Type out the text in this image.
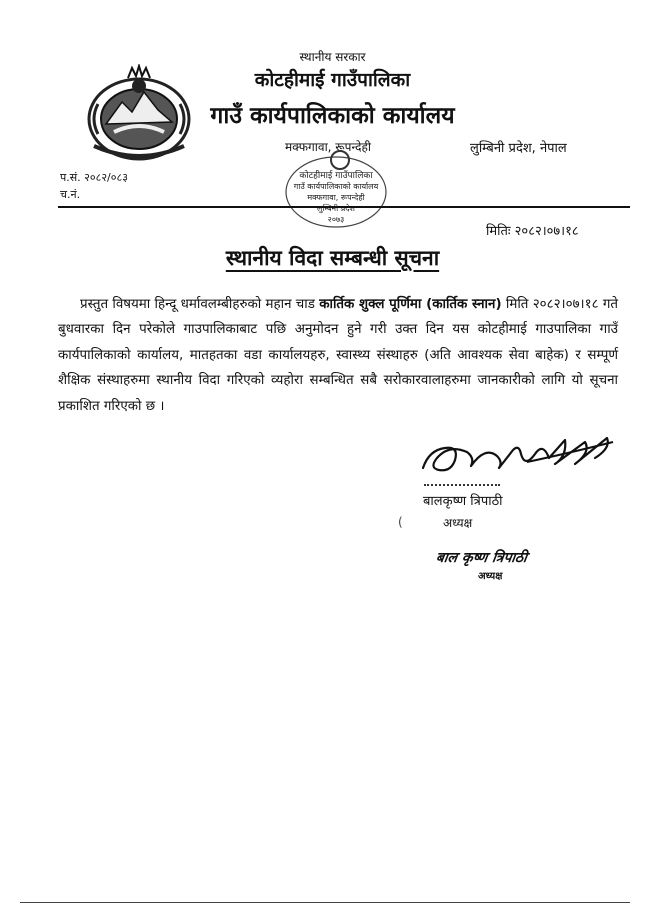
स्थानीय सरकार
कोटहीमाई गाउँपालिका
गाउँ कार्यपालिकाको कार्यालय
मक्फगावा, रूपन्देही	लुम्बिनी प्रदेश, नेपाल
कोटहीमाई गाउँपालिका
गाउँ कार्यपालिकाको कार्यालय
मक्फगावा, रूपन्देही
लुम्बिनी प्रदेश
२०७३
प.सं. २०८२/०८३
च.नं.
मितिः २०८२।०७।१८
स्थानीय विदा सम्बन्धी सूचना

प्रस्तुत विषयमा हिन्दू धर्मावलम्बीहरुको महान चाड कार्तिक शुक्ल पूर्णिमा (कार्तिक स्नान) मिति २०८२।०७।१८ गते बुधवारका दिन परेकोले गाउपालिकाबाट पछि अनुमोदन हुने गरी उक्त दिन यस कोटहीमाई गाउपालिका गाउँ कार्यपालिकाको कार्यालय, मातहतका वडा कार्यालयहरु, स्वास्थ्य संस्थाहरु (अति आवश्यक सेवा बाहेक) र सम्पूर्ण शैक्षिक संस्थाहरुमा स्थानीय विदा गरिएको व्यहोरा सम्बन्धित सबै सरोकारवालाहरुमा जानकारीको लागि यो सूचना प्रकाशित गरिएको छ ।

बालकृष्ण त्रिपाठी
अध्यक्ष
(
बाल कृष्ण त्रिपाठी
अध्यक्ष
